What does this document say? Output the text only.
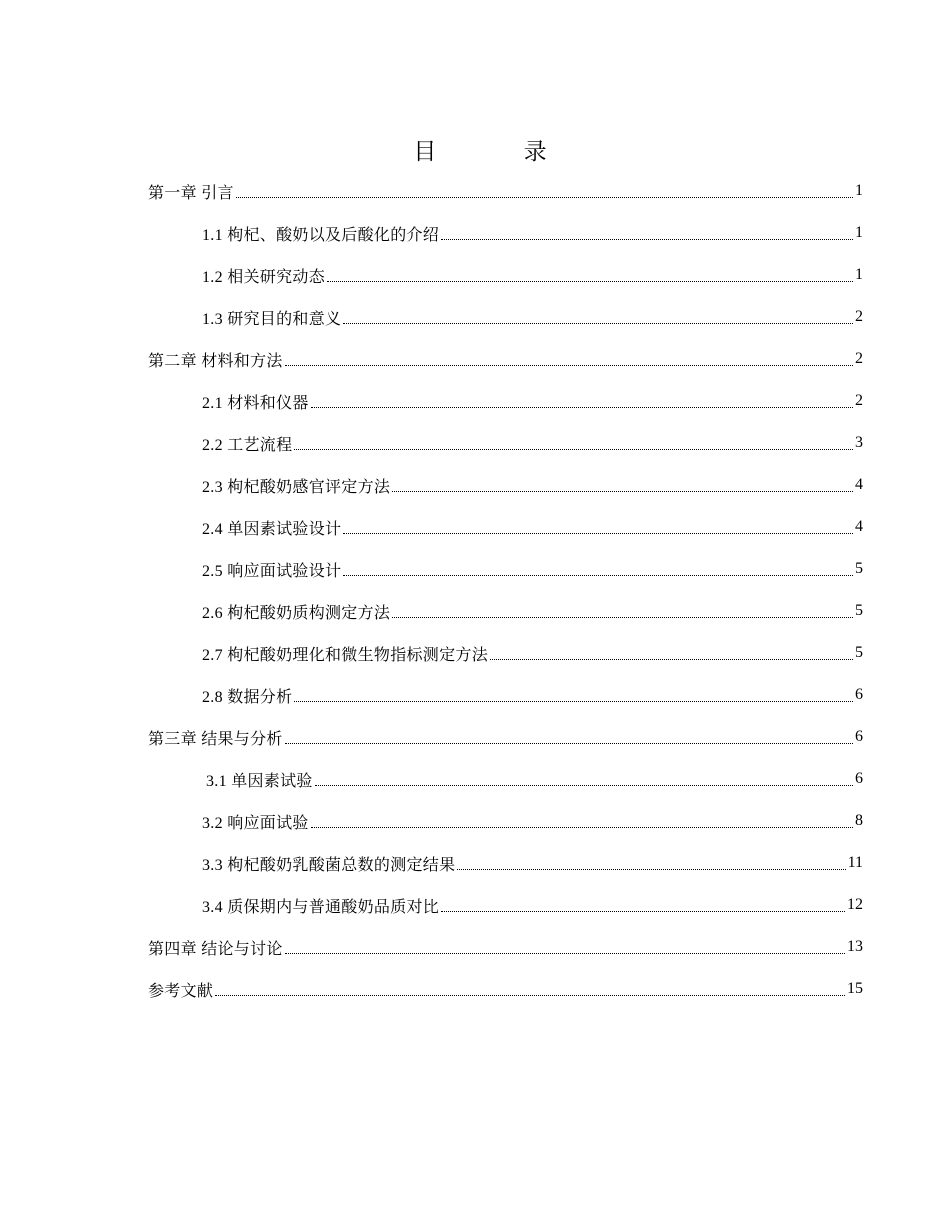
目 录
第一章 引言	1
1.1 枸杞、酸奶以及后酸化的介绍	1
1.2 相关研究动态	1
1.3 研究目的和意义	2
第二章 材料和方法	2
2.1 材料和仪器	2
2.2 工艺流程	3
2.3 枸杞酸奶感官评定方法	4
2.4 单因素试验设计	4
2.5 响应面试验设计	5
2.6 枸杞酸奶质构测定方法	5
2.7 枸杞酸奶理化和微生物指标测定方法	5
2.8 数据分析	6
第三章 结果与分析	6
3.1 单因素试验	6
3.2 响应面试验	8
3.3 枸杞酸奶乳酸菌总数的测定结果	11
3.4 质保期内与普通酸奶品质对比	12
第四章 结论与讨论	13
参考文献	15
